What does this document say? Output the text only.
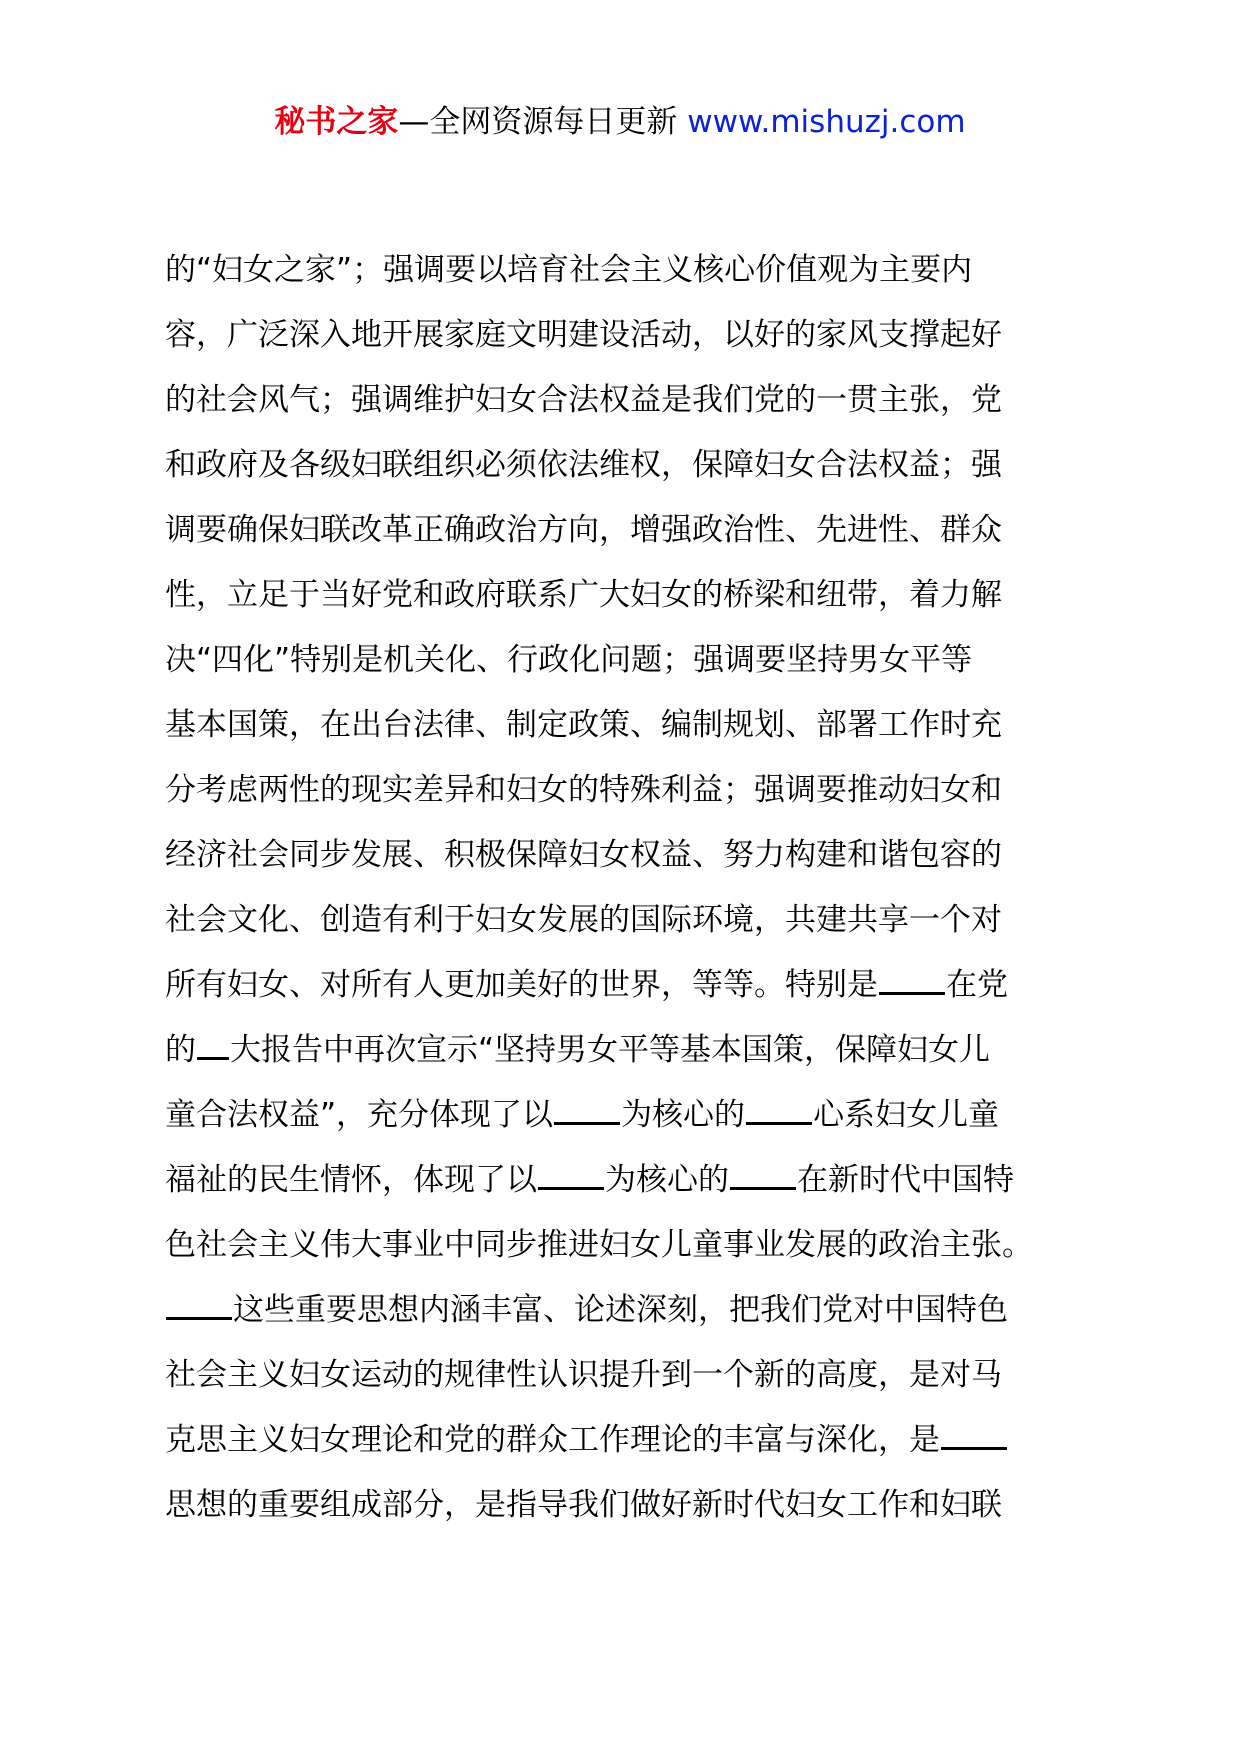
秘书之家—全网资源每日更新 www.mishuzj.com
的“妇女之家”；强调要以培育社会主义核心价值观为主要内
容，广泛深入地开展家庭文明建设活动，以好的家风支撑起好
的社会风气；强调维护妇女合法权益是我们党的一贯主张，党
和政府及各级妇联组织必须依法维权，保障妇女合法权益；强
调要确保妇联改革正确政治方向，增强政治性、先进性、群众
性，立足于当好党和政府联系广大妇女的桥梁和纽带，着力解
决“四化”特别是机关化、行政化问题；强调要坚持男女平等
基本国策，在出台法律、制定政策、编制规划、部署工作时充
分考虑两性的现实差异和妇女的特殊利益；强调要推动妇女和
经济社会同步发展、积极保障妇女权益、努力构建和谐包容的
社会文化、创造有利于妇女发展的国际环境，共建共享一个对
所有妇女、对所有人更加美好的世界，等等。特别是 在党
的 大报告中再次宣示“坚持男女平等基本国策，保障妇女儿
童合法权益”，充分体现了以 为核心的 心系妇女儿童
福祉的民生情怀，体现了以 为核心的 在新时代中国特
色社会主义伟大事业中同步推进妇女儿童事业发展的政治主张。
这些重要思想内涵丰富、论述深刻，把我们党对中国特色
社会主义妇女运动的规律性认识提升到一个新的高度，是对马
克思主义妇女理论和党的群众工作理论的丰富与深化，是
思想的重要组成部分，是指导我们做好新时代妇女工作和妇联
